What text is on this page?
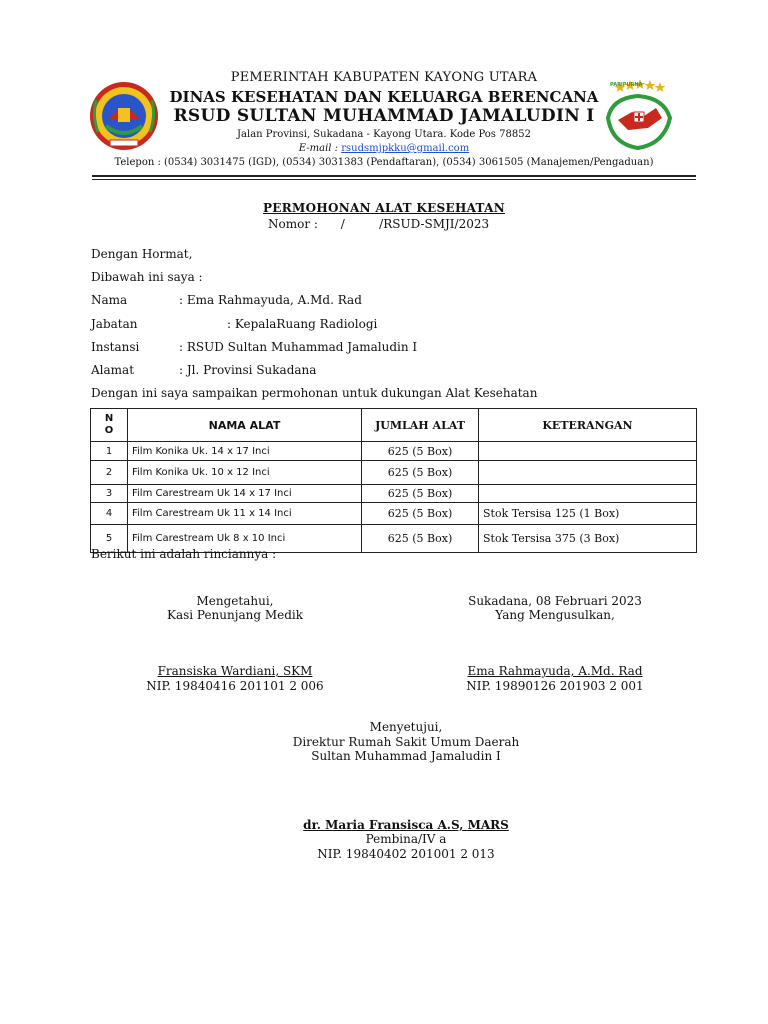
PARIPURNA
PEMERINTAH KABUPATEN KAYONG UTARA
DINAS KESEHATAN DAN KELUARGA BERENCANA
RSUD SULTAN MUHAMMAD JAMALUDIN I
Jalan Provinsi, Sukadana - Kayong Utara. Kode Pos 78852
E-mail : rsudsmjpkku@gmail.com
Telepon : (0534) 3031475 (IGD), (0534) 3031383 (Pendaftaran), (0534) 3061505 (Manajemen/Pengaduan)
PERMOHONAN ALAT KESEHATAN
Nomor :      /         /RSUD-SMJI/2023
Dengan Hormat,
Dibawah ini saya :
Nama	: Ema Rahmayuda, A.Md. Rad
Jabatan	: KepalaRuang Radiologi
Instansi	: RSUD Sultan Muhammad Jamaludin I
Alamat	: Jl. Provinsi Sukadana
Dengan ini saya sampaikan permohonan untuk dukungan Alat Kesehatan
N O	NAMA ALAT	JUMLAH ALAT	KETERANGAN
1	Film Konika Uk. 14 x 17 Inci	625 (5 Box)	
2	Film Konika Uk. 10 x 12 Inci	625 (5 Box)	
3	Film Carestream Uk 14 x 17 Inci	625 (5 Box)	
4	Film Carestream Uk 11 x 14 Inci	625 (5 Box)	Stok Tersisa 125 (1 Box)
5	Film Carestream Uk 8 x 10 Inci	625 (5 Box)	Stok Tersisa 375 (3 Box)
Berikut ini adalah rinciannya :
Mengetahui,
Kasi Penunjang Medik
Fransiska Wardiani, SKM
NIP. 19840416 201101 2 006
Sukadana, 08 Februari 2023
Yang Mengusulkan,
Ema Rahmayuda, A.Md. Rad
NIP. 19890126 201903 2 001
Menyetujui,
Direktur Rumah Sakit Umum Daerah
Sultan Muhammad Jamaludin I
dr. Maria Fransisca A.S, MARS
Pembina/IV a
NIP. 19840402 201001 2 013
